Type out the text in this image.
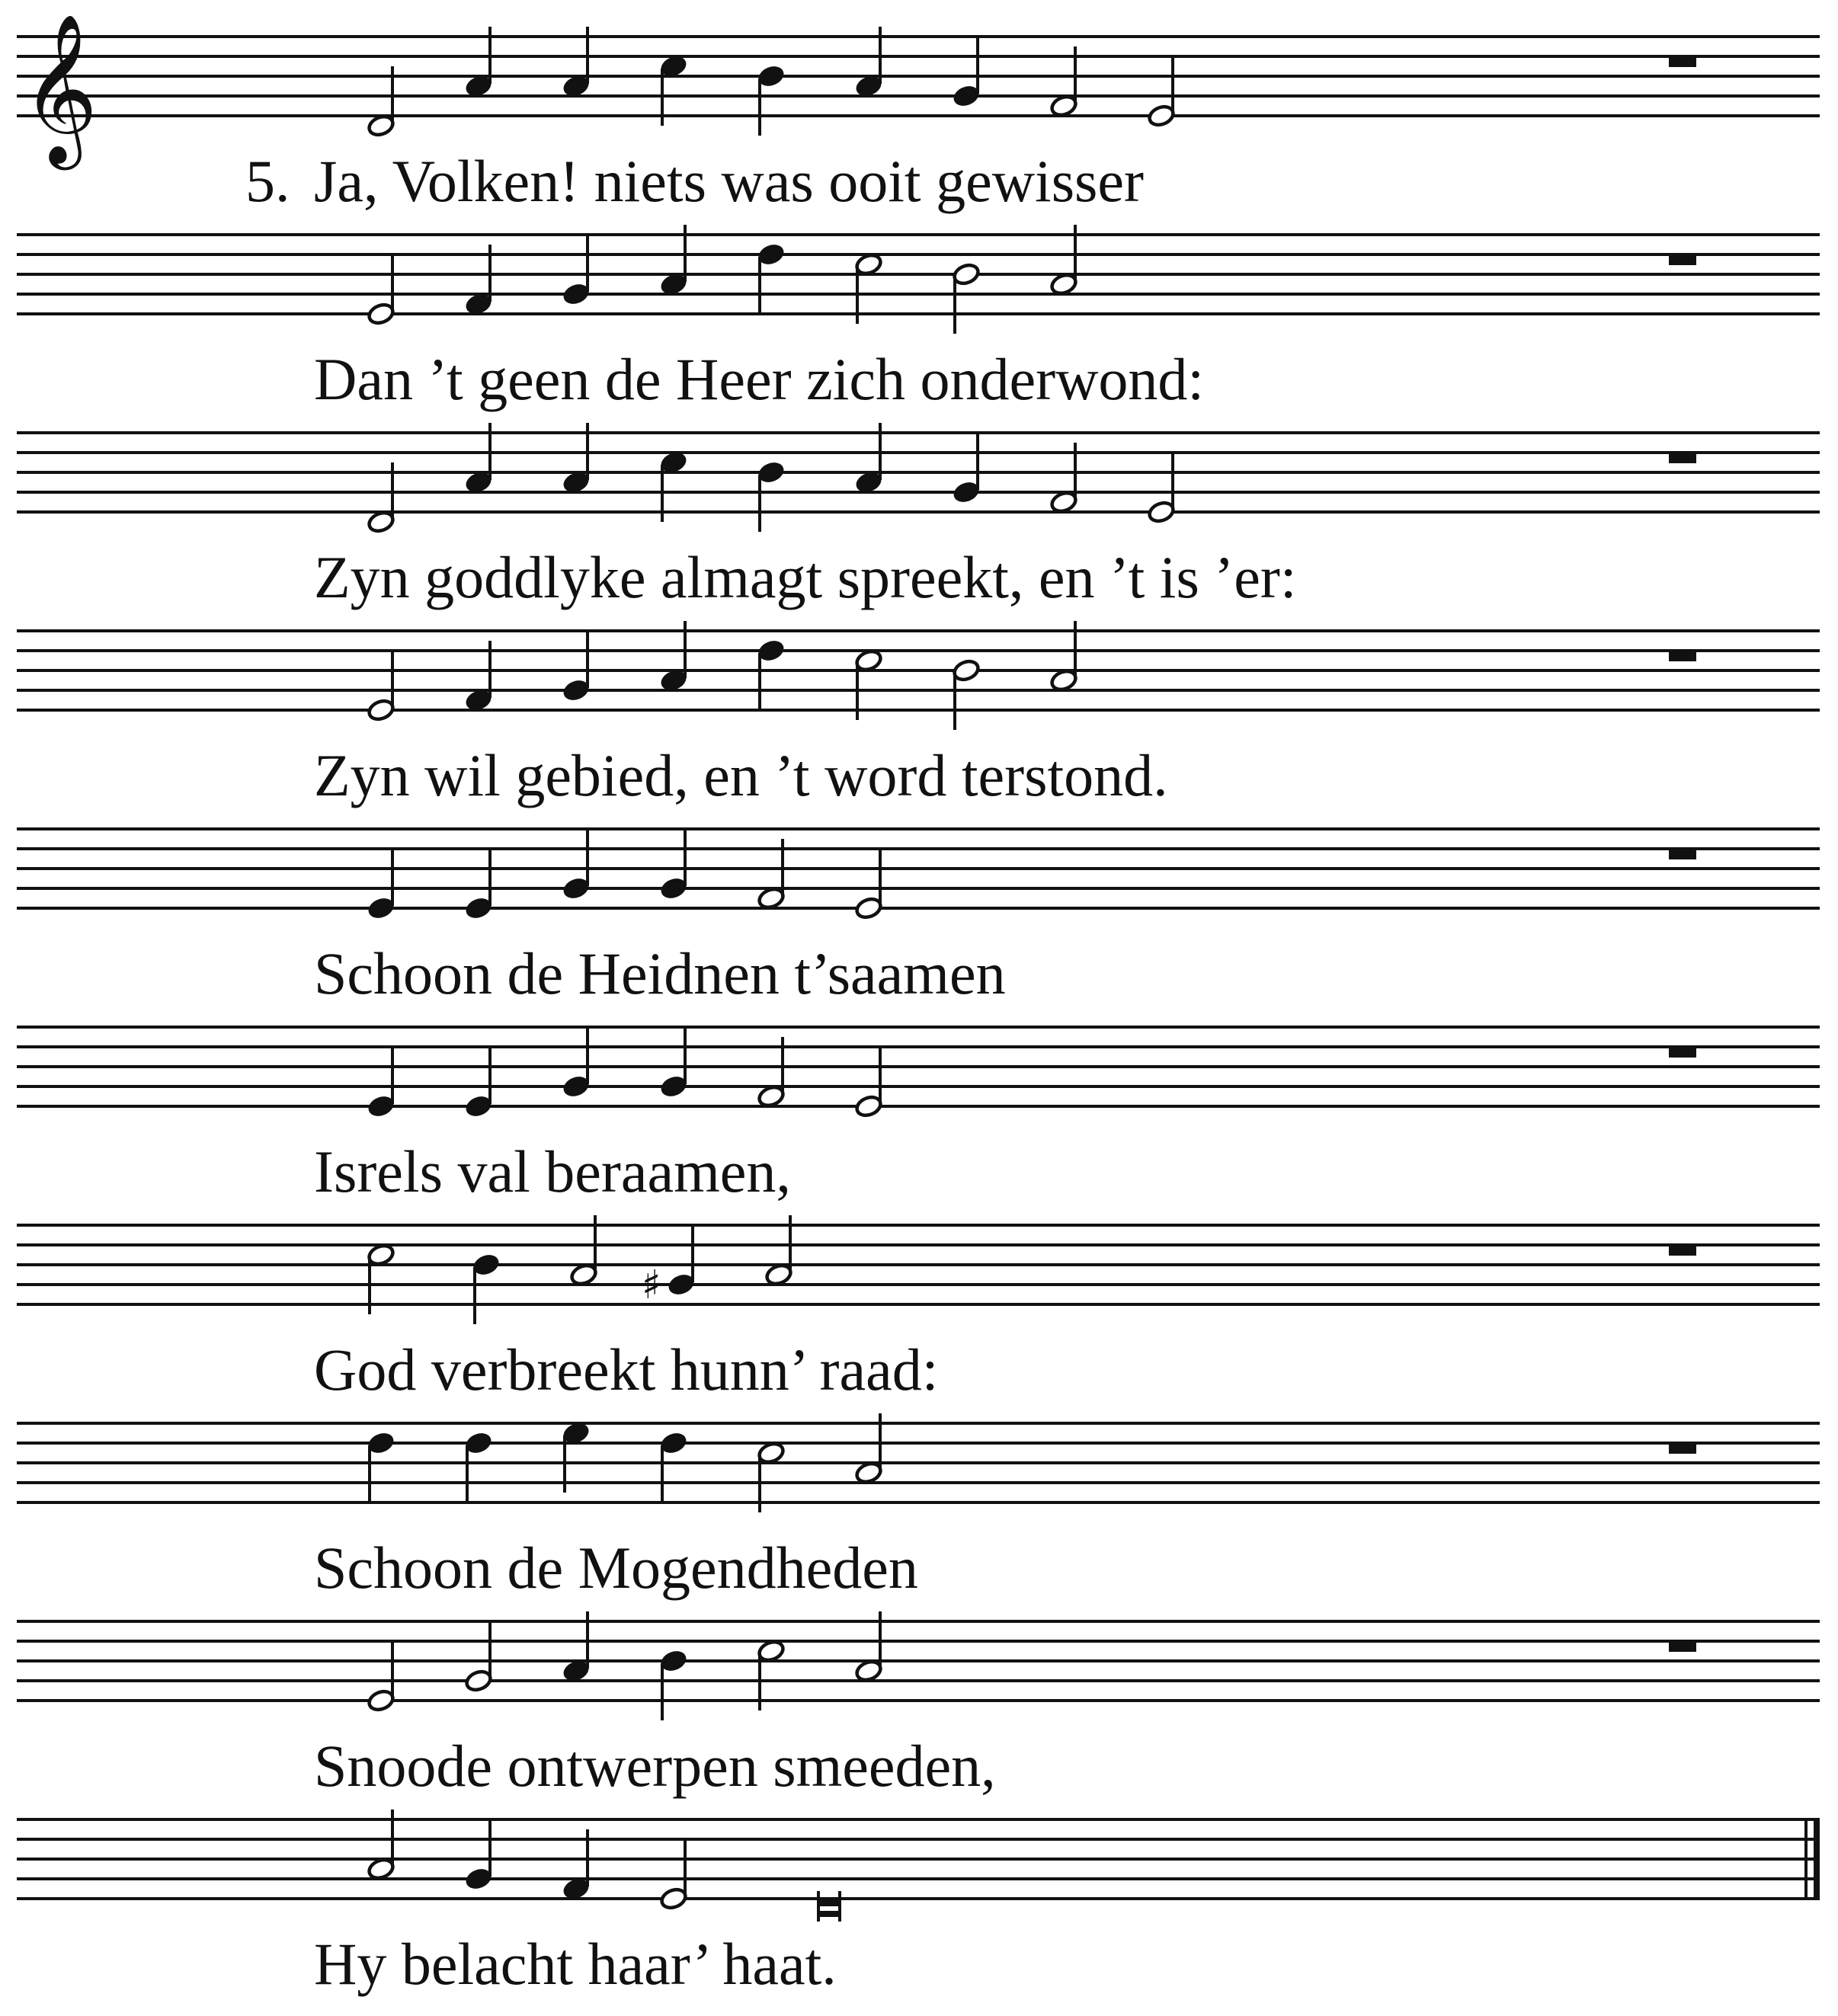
𝄞
5. Ja, Volken! niets was ooit gewisser
Dan ’t geen de Heer zich onderwond:
Zyn goddlyke almagt spreekt, en ’t is ’er:
Zyn wil gebied, en ’t word terstond.
Schoon de Heidnen t’saamen
Isrels val beraamen,
♯
God verbreekt hunn’ raad:
Schoon de Mogendheden
Snoode ontwerpen smeeden,
Hy belacht haar’ haat.
